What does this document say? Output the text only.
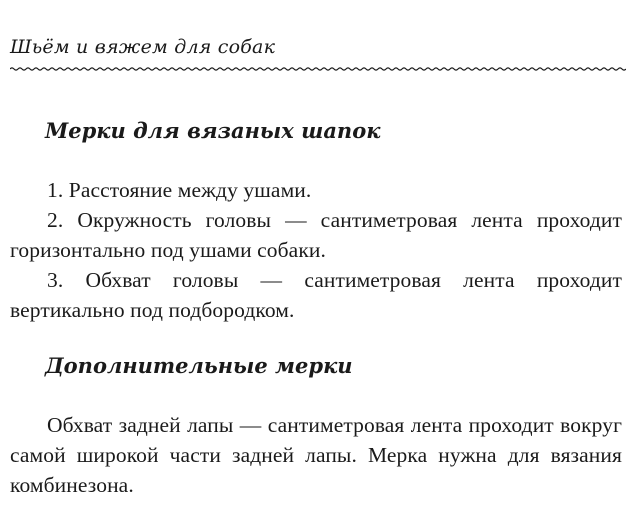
Шьём и вяжем для собак

Мерки для вязаных шапок

1. Расстояние между ушами.

2. Окружность головы — сантиметровая лента проходит горизонтально под ушами собаки.

3. Обхват головы — сантиметровая лента проходит вертикально под подбородком.

Дополнительные мерки

Обхват задней лапы — сантиметровая лента проходит вокруг самой широкой части задней лапы. Мерка нужна для вязания комбинезона.
